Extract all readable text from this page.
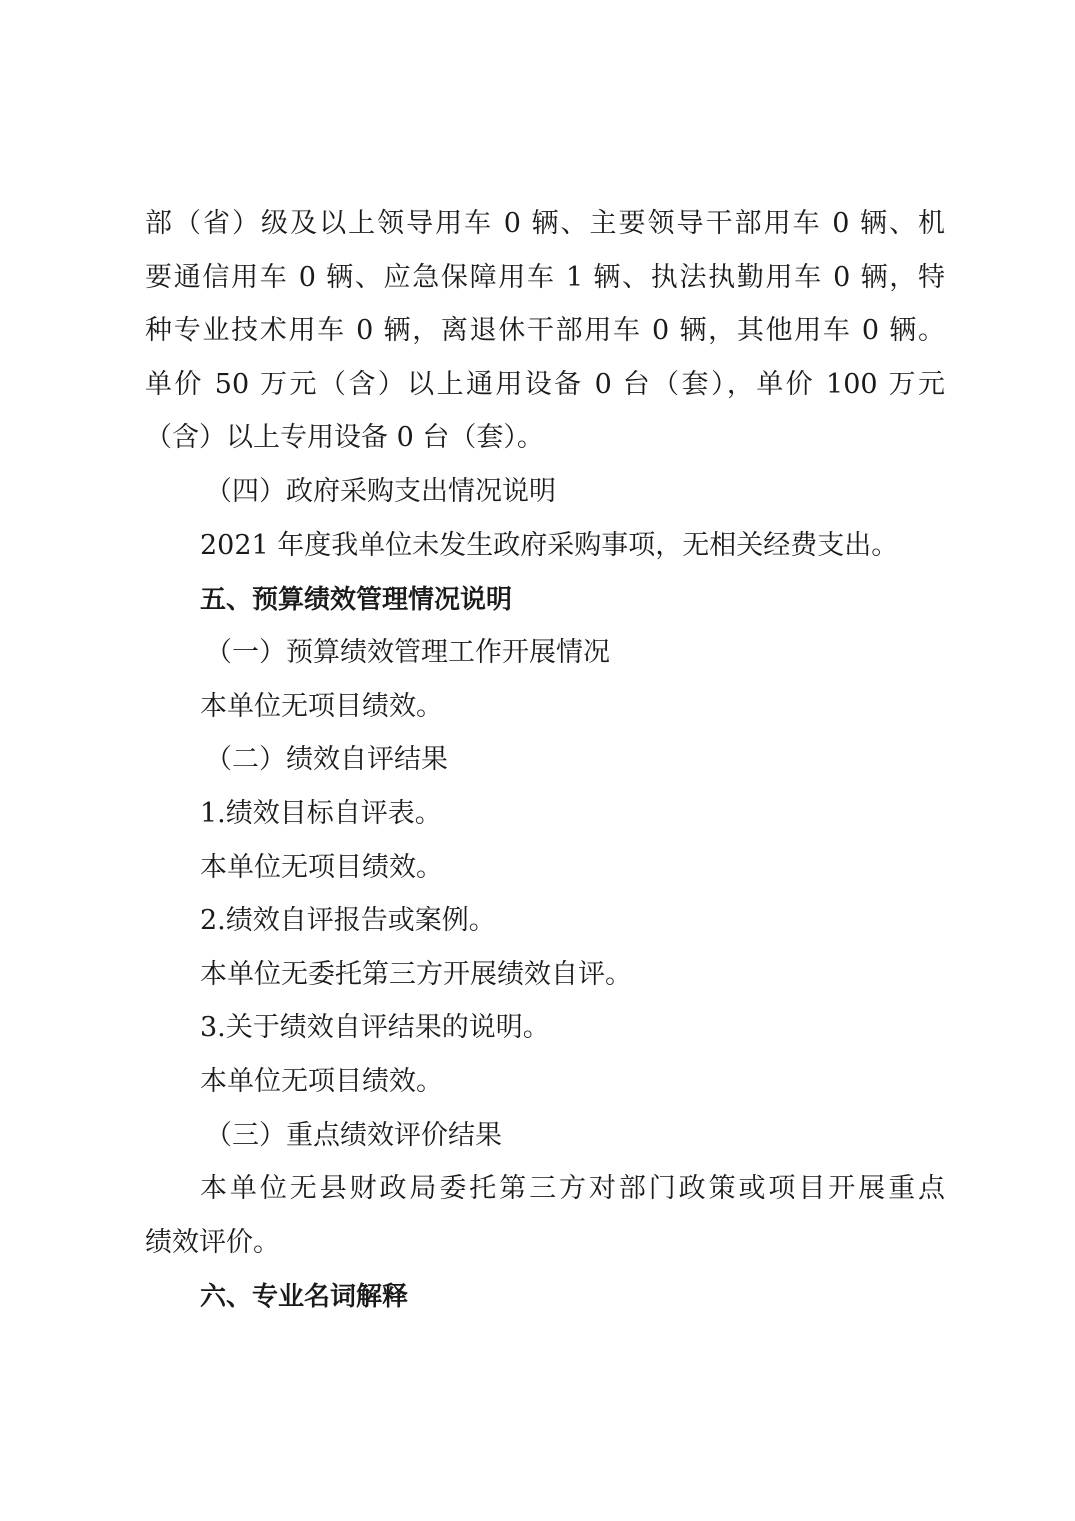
部（省）级及以上领导用车 0 辆、主要领导干部用车 0 辆、机
要通信用车 0 辆、应急保障用车 1 辆、执法执勤用车 0 辆，特
种专业技术用车 0 辆，离退休干部用车 0 辆，其他用车 0 辆。
单价 50 万元（含）以上通用设备 0 台（套），单价 100 万元
（含）以上专用设备 0 台（套）。
（四）政府采购支出情况说明
2021 年度我单位未发生政府采购事项，无相关经费支出。
五、预算绩效管理情况说明
（一）预算绩效管理工作开展情况
本单位无项目绩效。
（二）绩效自评结果
1.绩效目标自评表。
本单位无项目绩效。
2.绩效自评报告或案例。
本单位无委托第三方开展绩效自评。
3.关于绩效自评结果的说明。
本单位无项目绩效。
（三）重点绩效评价结果
本单位无县财政局委托第三方对部门政策或项目开展重点
绩效评价。
六、专业名词解释
